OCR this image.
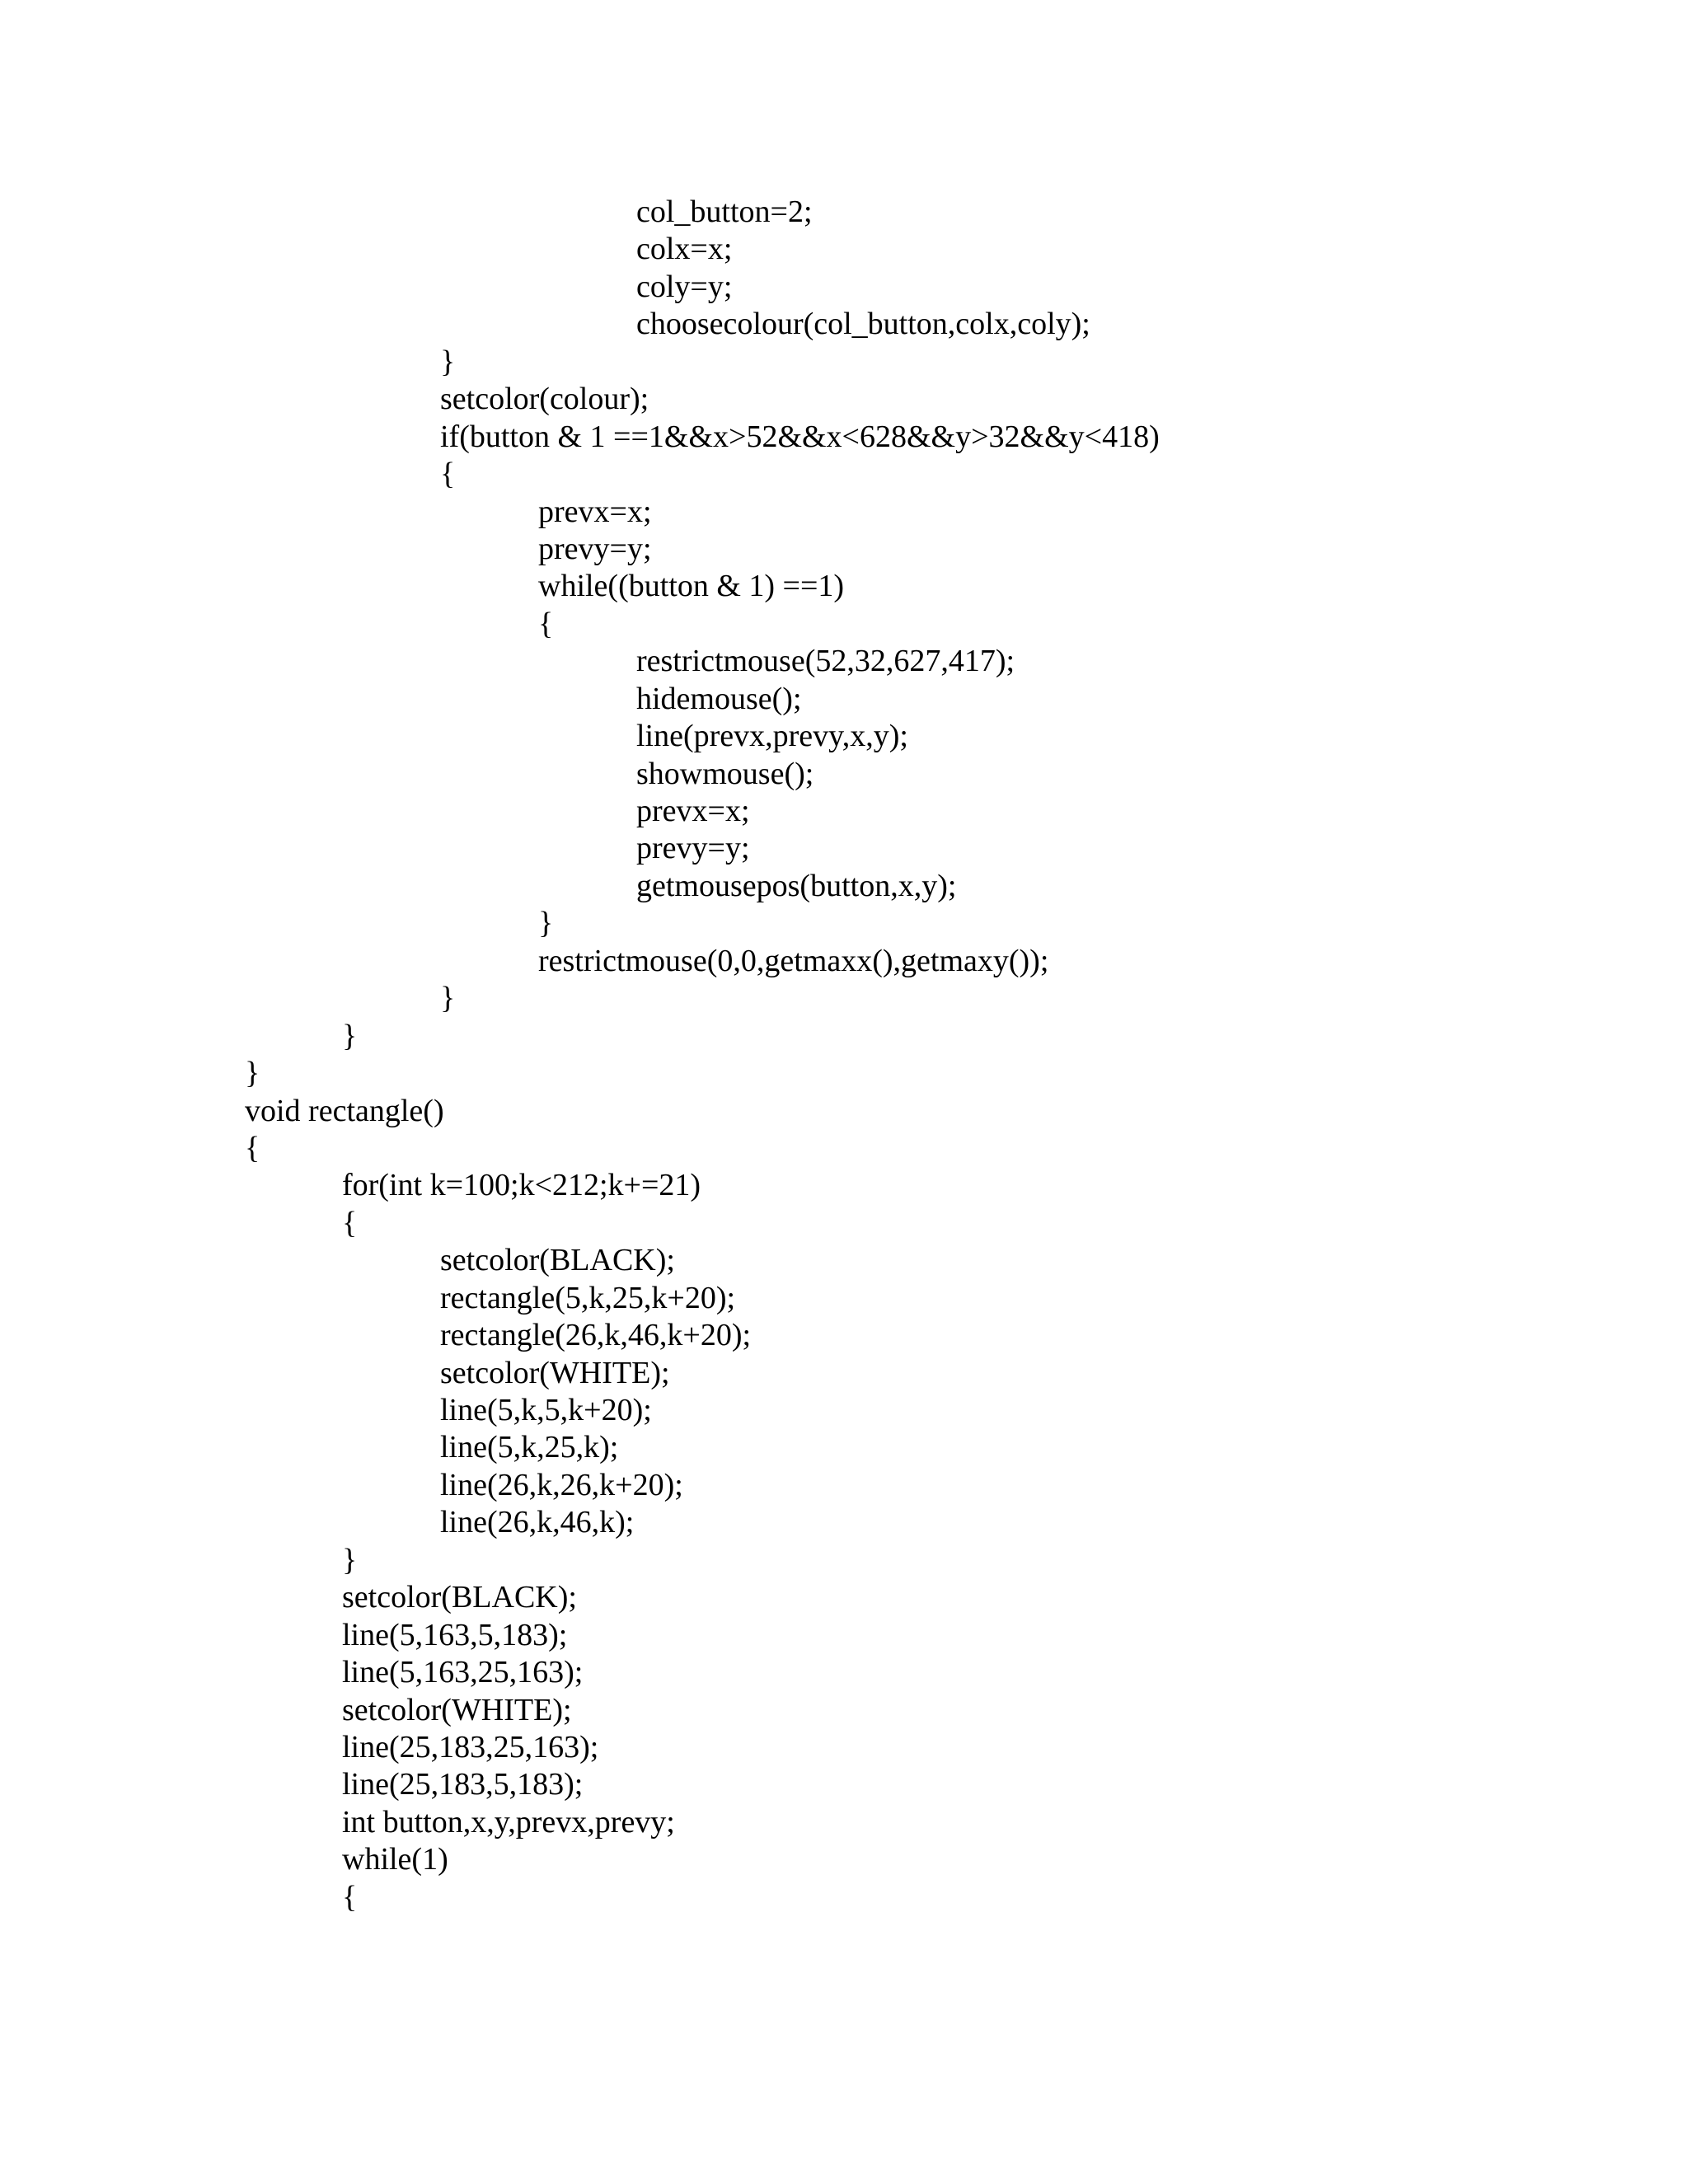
col_button=2;
colx=x;
coly=y;
choosecolour(col_button,colx,coly);
}
setcolor(colour);
if(button & 1 ==1&&x>52&&x<628&&y>32&&y<418)
{
prevx=x;
prevy=y;
while((button & 1) ==1)
{
restrictmouse(52,32,627,417);
hidemouse();
line(prevx,prevy,x,y);
showmouse();
prevx=x;
prevy=y;
getmousepos(button,x,y);
}
restrictmouse(0,0,getmaxx(),getmaxy());
}
}
}
void rectangle()
{
for(int k=100;k<212;k+=21)
{
setcolor(BLACK);
rectangle(5,k,25,k+20);
rectangle(26,k,46,k+20);
setcolor(WHITE);
line(5,k,5,k+20);
line(5,k,25,k);
line(26,k,26,k+20);
line(26,k,46,k);
}
setcolor(BLACK);
line(5,163,5,183);
line(5,163,25,163);
setcolor(WHITE);
line(25,183,25,163);
line(25,183,5,183);
int button,x,y,prevx,prevy;
while(1)
{
